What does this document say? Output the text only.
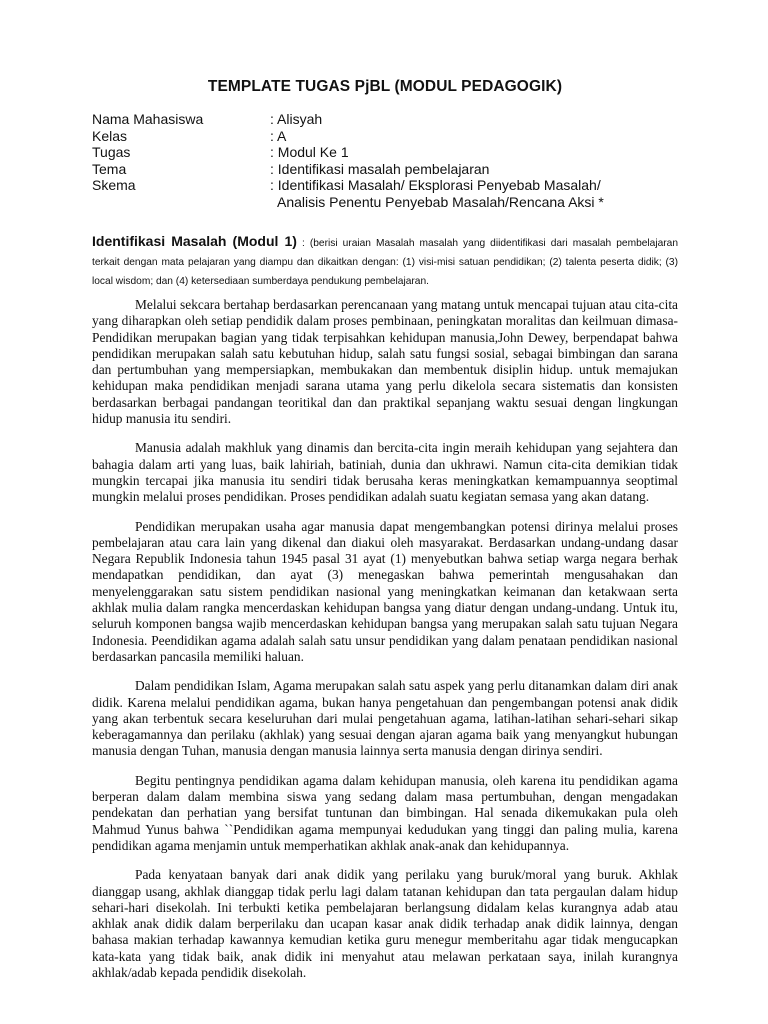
TEMPLATE TUGAS PjBL (MODUL PEDAGOGIK)
Nama Mahasiswa	: Alisyah
Kelas	: A
Tugas	: Modul Ke 1
Tema	: Identifikasi masalah pembelajaran
Skema	: Identifikasi Masalah/ Eksplorasi Penyebab Masalah/
Analisis Penentu Penyebab Masalah/Rencana Aksi *
Identifikasi Masalah (Modul 1) : (berisi uraian Masalah masalah yang diidentifikasi dari masalah pembelajaran terkait dengan mata pelajaran yang diampu dan dikaitkan dengan: (1) visi-misi satuan pendidikan; (2) talenta peserta didik; (3) local wisdom; dan (4) ketersediaan sumberdaya pendukung pembelajaran.

Melalui sekcara bertahap berdasarkan perencanaan yang matang untuk mencapai tujuan atau cita-cita yang diharapkan oleh setiap pendidik dalam proses pembinaan, peningkatan moralitas dan keilmuan dimasa-Pendidikan merupakan bagian yang tidak terpisahkan kehidupan manusia,John Dewey, berpendapat bahwa pendidikan merupakan salah satu kebutuhan hidup, salah satu fungsi sosial, sebagai bimbingan dan sarana dan pertumbuhan yang mempersiapkan, membukakan dan membentuk disiplin hidup. untuk memajukan kehidupan maka pendidikan menjadi sarana utama yang perlu dikelola secara sistematis dan konsisten berdasarkan berbagai pandangan teoritikal dan dan praktikal sepanjang waktu sesuai dengan lingkungan hidup manusia itu sendiri.

Manusia adalah makhluk yang dinamis dan bercita-cita ingin meraih kehidupan yang sejahtera dan bahagia dalam arti yang luas, baik lahiriah, batiniah, dunia dan ukhrawi. Namun cita-cita demikian tidak mungkin tercapai jika manusia itu sendiri tidak berusaha keras meningkatkan kemampuannya seoptimal mungkin melalui proses pendidikan. Proses pendidikan adalah suatu kegiatan semasa yang akan datang.

Pendidikan merupakan usaha agar manusia dapat mengembangkan potensi dirinya melalui proses pembelajaran atau cara lain yang dikenal dan diakui oleh masyarakat. Berdasarkan undang-undang dasar Negara Republik Indonesia tahun 1945 pasal 31 ayat (1) menyebutkan bahwa setiap warga negara berhak mendapatkan pendidikan, dan ayat (3) menegaskan bahwa pemerintah mengusahakan dan menyelenggarakan satu sistem pendidikan nasional yang meningkatkan keimanan dan ketakwaan serta akhlak mulia dalam rangka mencerdaskan kehidupan bangsa yang diatur dengan undang-undang. Untuk itu, seluruh komponen bangsa wajib mencerdaskan kehidupan bangsa yang merupakan salah satu tujuan Negara Indonesia. Peendidikan agama adalah salah satu unsur pendidikan yang dalam penataan pendidikan nasional berdasarkan pancasila memiliki haluan.

Dalam pendidikan Islam, Agama merupakan salah satu aspek yang perlu ditanamkan dalam diri anak didik. Karena melalui pendidikan agama, bukan hanya pengetahuan dan pengembangan potensi anak didik yang akan terbentuk secara keseluruhan dari mulai pengetahuan agama, latihan-latihan sehari-sehari sikap keberagamannya dan perilaku (akhlak) yang sesuai dengan ajaran agama baik yang menyangkut hubungan manusia dengan Tuhan, manusia dengan manusia lainnya serta manusia dengan dirinya sendiri.

Begitu pentingnya pendidikan agama dalam kehidupan manusia, oleh karena itu pendidikan agama berperan dalam dalam membina siswa yang sedang dalam masa pertumbuhan, dengan mengadakan pendekatan dan perhatian yang bersifat tuntunan dan bimbingan. Hal senada dikemukakan pula oleh Mahmud Yunus bahwa ``Pendidikan agama mempunyai kedudukan yang tinggi dan paling mulia, karena pendidikan agama menjamin untuk memperhatikan akhlak anak-anak dan kehidupannya.

Pada kenyataan banyak dari anak didik yang perilaku yang buruk/moral yang buruk. Akhlak dianggap usang, akhlak dianggap tidak perlu lagi dalam tatanan kehidupan dan tata pergaulan dalam hidup sehari-hari disekolah. Ini terbukti ketika pembelajaran berlangsung didalam kelas kurangnya adab atau akhlak anak didik dalam berperilaku dan ucapan kasar anak didik terhadap anak didik lainnya, dengan bahasa makian terhadap kawannya kemudian ketika guru menegur memberitahu agar tidak mengucapkan kata-kata yang tidak baik, anak didik ini menyahut atau melawan perkataan saya, inilah kurangnya akhlak/adab kepada pendidik disekolah.
